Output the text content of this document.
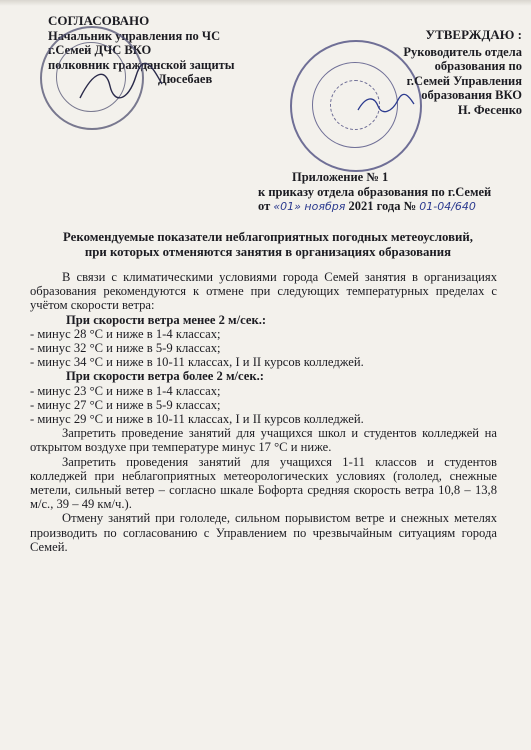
СОГЛАСОВАНО
Начальник управления по ЧС
г.Семей ДЧС ВКО
полковник гражданской защиты
Дюсебаев
УТВЕРЖДАЮ :
Руководитель отдела
образования по
г.Семей Управления
образования ВКО
Н. Фесенко
Приложение № 1
к приказу отдела образования по г.Семей
от «01» ноября 2021 года № 01-04/640
Рекомендуемые показатели неблагоприятных погодных метеоусловий,
при которых отменяются занятия в организациях образования

В связи с климатическими условиями города Семей занятия в организациях образования рекомендуются к отмене при следующих температурных пределах с учётом скорости ветра:

При скорости ветра менее 2 м/сек.:

- минус 28 °С и ниже в 1-4 классах;

- минус 32 °С и ниже в 5-9 классах;

- минус 34 °С и ниже в 10-11 классах, I и II курсов колледжей.

При скорости ветра более 2 м/сек.:

- минус 23 °С и ниже в 1-4 классах;

- минус 27 °С и ниже в 5-9 классах;

- минус 29 °С и ниже в 10-11 классах, I и II курсов колледжей.

Запретить проведение занятий для учащихся школ и студентов колледжей на открытом воздухе при температуре минус 17 °С и ниже.

Запретить проведения занятий для учащихся 1-11 классов и студентов колледжей при неблагоприятных метеорологических условиях (гололед, снежные метели, сильный ветер – согласно шкале Бофорта средняя скорость ветра 10,8 – 13,8 м/с., 39 – 49 км/ч.).

Отмену занятий при гололеде, сильном порывистом ветре и снежных метелях производить по согласованию с Управлением по чрезвычайным ситуациям города Семей.
